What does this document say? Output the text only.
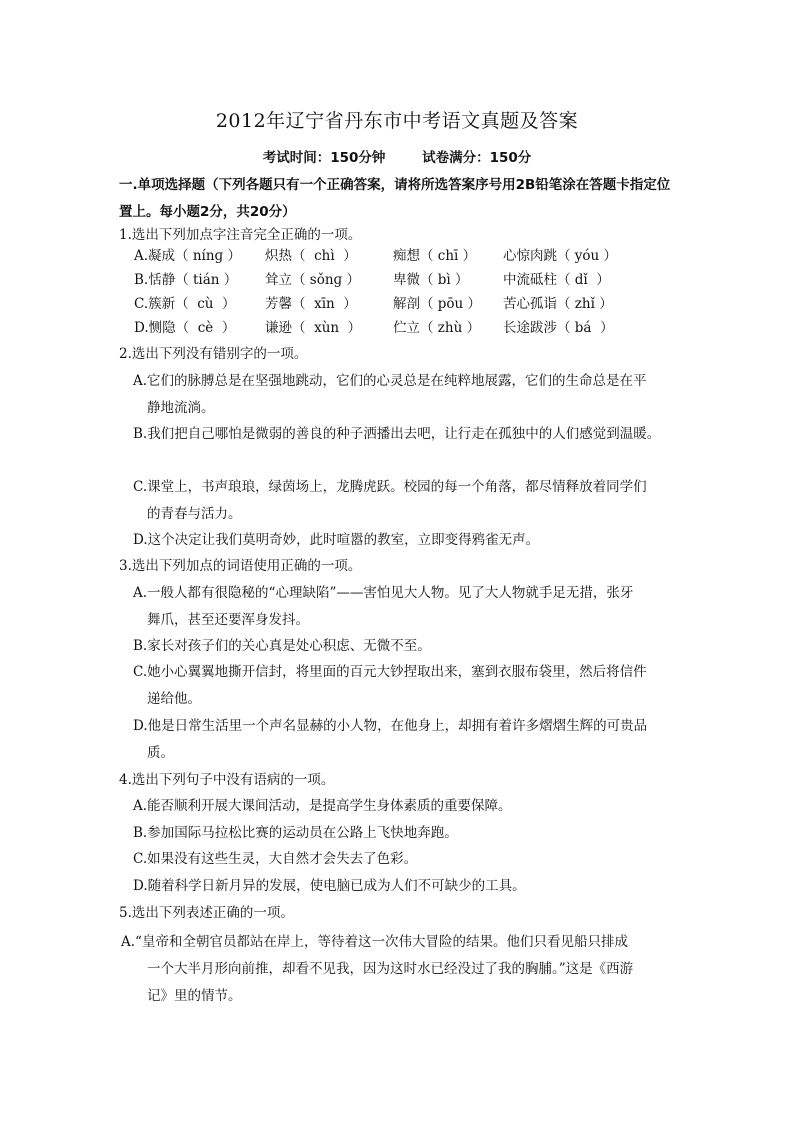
2012年辽宁省丹东市中考语文真题及答案
考试时间：150分钟	试卷满分：150分
一.单项选择题（下列各题只有一个正确答案，请将所选答案序号用2B铅笔涂在答题卡指定位置上。每小题2分，共20分）
1.选出下列加点字注音完全正确的一项。
A.凝成（ nínɡ ） 炽热（  chì  ）	痴想（ chī ） 心惊肉跳（ yóu ）
B.恬静（ tián ） 耸立（ sǒnɡ ） 卑微（ bì ）	中流砥柱（ dǐ  ）
C.簇新（  cù  ） 芳馨（  xīn  ）	解剖（ pōu ） 苦心孤诣（ zhǐ ）
D.恻隐（  cè  ） 谦逊（  xùn  ） 伫立（ zhù ） 长途跋涉（ bá  ）
2.选出下列没有错别字的一项。
A.它们的脉膊总是在坚强地跳动，它们的心灵总是在纯粹地展露，它们的生命总是在平
静地流淌。
B.我们把自己哪怕是微弱的善良的种子洒播出去吧，让行走在孤独中的人们感觉到温暖。
C.课堂上，书声琅琅，绿茵场上，龙腾虎跃。校园的每一个角落，都尽情释放着同学们
的青春与活力。
D.这个决定让我们莫明奇妙，此时喧嚣的教室，立即变得鸦雀无声。
3.选出下列加点的词语使用正确的一项。
A.一般人都有很隐秘的“心理缺陷”——害怕见大人物。见了大人物就手足无措，张牙
舞爪，甚至还要浑身发抖。
B.家长对孩子们的关心真是处心积虑、无微不至。
C.她小心翼翼地撕开信封，将里面的百元大钞捏取出来，塞到衣服布袋里，然后将信件
递给他。
D.他是日常生活里一个声名显赫的小人物，在他身上，却拥有着许多熠熠生辉的可贵品
质。
4.选出下列句子中没有语病的一项。
A.能否顺利开展大课间活动，是提高学生身体素质的重要保障。
B.参加国际马拉松比赛的运动员在公路上飞快地奔跑。
C.如果没有这些生灵，大自然才会失去了色彩。
D.随着科学日新月异的发展，使电脑已成为人们不可缺少的工具。
5.选出下列表述正确的一项。
A.“皇帝和全朝官员都站在岸上，等待着这一次伟大冒险的结果。他们只看见船只排成
一个大半月形向前推，却看不见我，因为这时水已经没过了我的胸脯。”这是《西游
记》里的情节。
